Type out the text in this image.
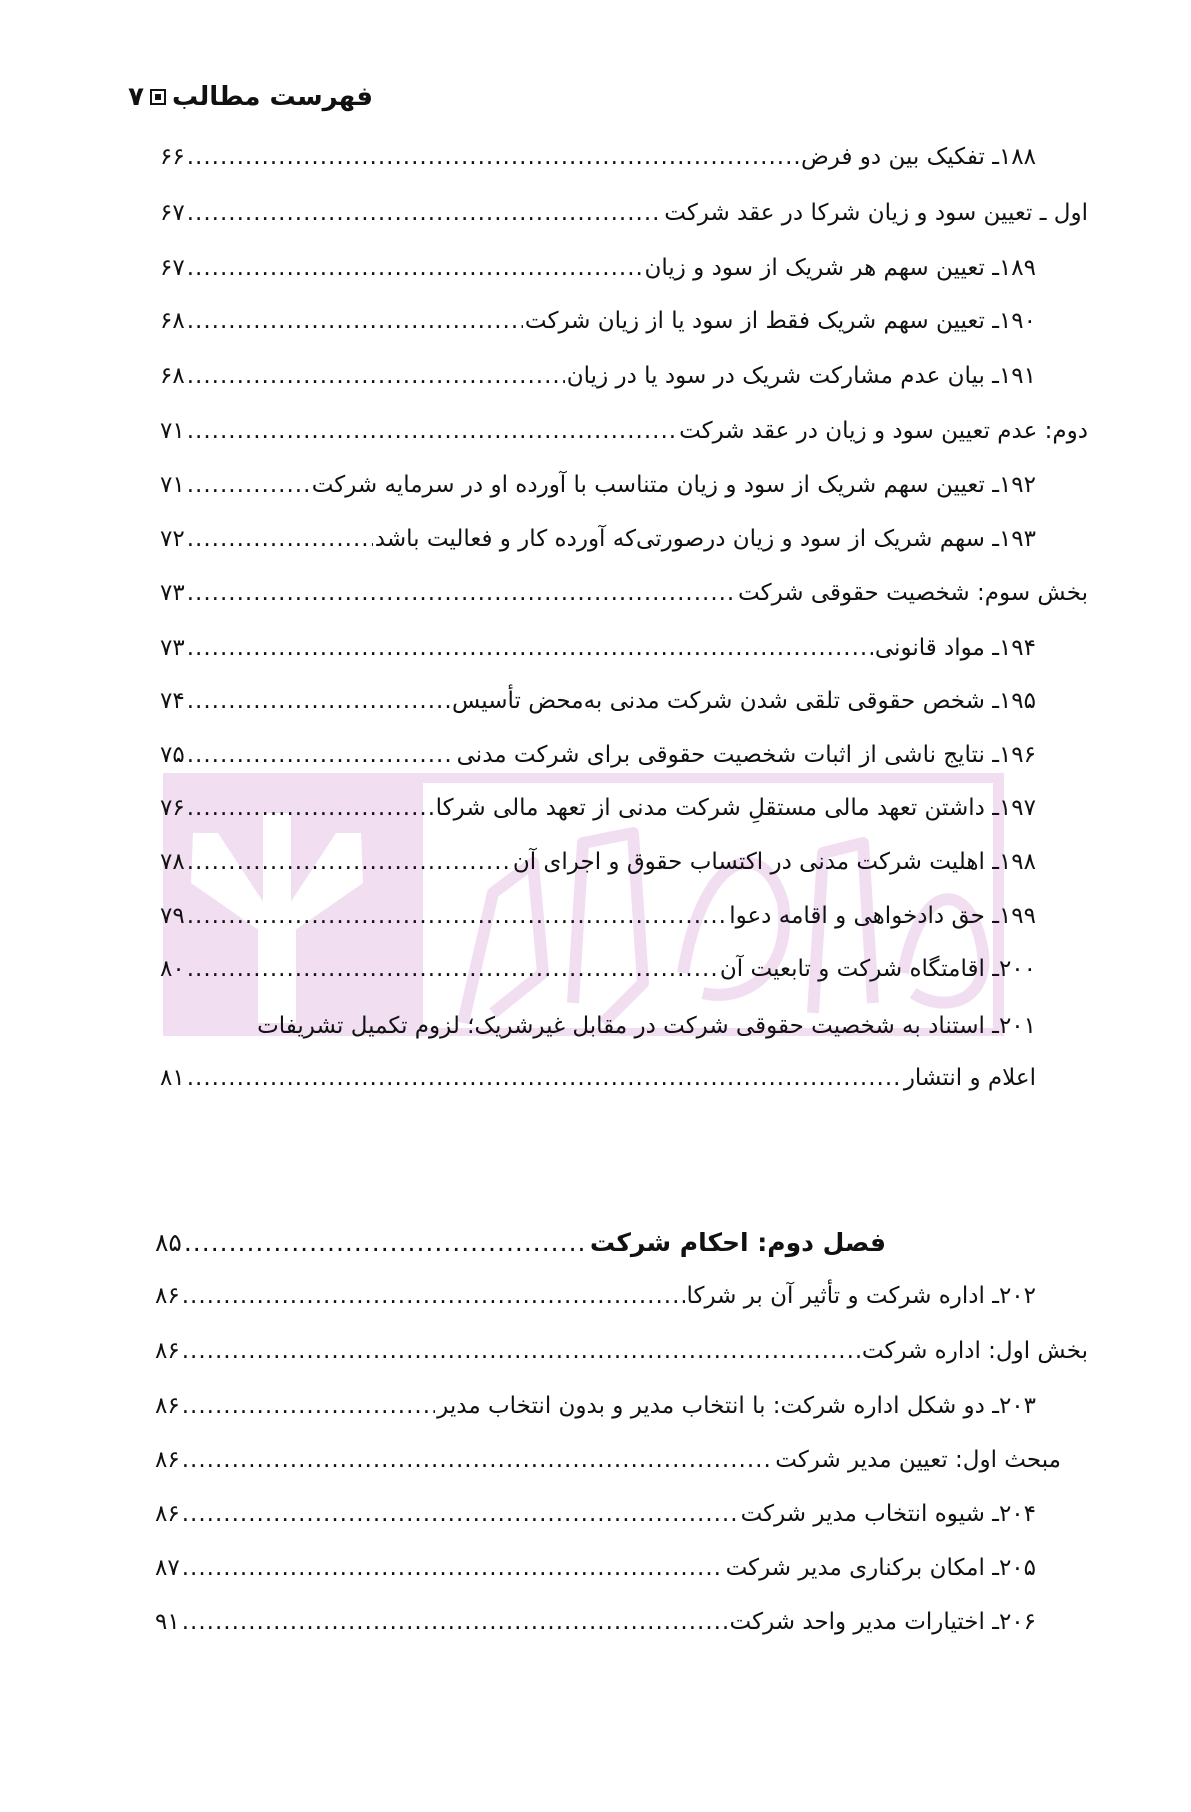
فهرست مطالب
۷
۱۸۸ـ تفکیک بین دو فرض
.....
۶۶
اول ـ تعیین سود و زیان شرکا در عقد شرکت
.....
۶۷
۱۸۹ـ تعیین سهم هر شریک از سود و زیان
.....
۶۷
۱۹۰ـ تعیین سهم شریک فقط از سود یا از زیان شرکت
.....
۶۸
۱۹۱ـ بیان عدم مشارکت شریک در سود یا در زیان
.....
۶۸
دوم: عدم تعیین سود و زیان در عقد شرکت
.....
۷۱
۱۹۲ـ تعیین سهم شریک از سود و زیان متناسب با آورده او در سرمایه شرکت
.....
۷۱
۱۹۳ـ سهم شریک از سود و زیان درصورتی‌که آورده کار و فعالیت باشد
.....
۷۲
بخش سوم: شخصیت حقوقی شرکت
.....
۷۳
۱۹۴ـ مواد قانونی
.....
۷۳
۱۹۵ـ شخص حقوقی تلقی شدن شرکت مدنی به‌محض تأسیس
.....
۷۴
۱۹۶ـ نتایج ناشی از اثبات شخصیت حقوقی برای شرکت مدنی
.....
۷۵
۱۹۷ـ داشتن تعهد مالی مستقلِ شرکت مدنی از تعهد مالی شرکا
.....
۷۶
۱۹۸ـ اهلیت شرکت مدنی در اکتساب حقوق و اجرای آن
.....
۷۸
۱۹۹ـ حق دادخواهی و اقامه دعوا
.....
۷۹
۲۰۰ـ اقامتگاه شرکت و تابعیت آن
.....
۸۰
۲۰۱ـ استناد به شخصیت حقوقی شرکت در مقابل غیرشریک؛ لزوم تکمیل تشریفات
اعلام و انتشار
.....
۸۱
فصل دوم: احکام شرکت
.....
۸۵
۲۰۲ـ اداره شرکت و تأثیر آن بر شرکا
.....
۸۶
بخش اول: اداره شرکت
.....
۸۶
۲۰۳ـ دو شکل اداره شرکت: با انتخاب مدیر و بدون انتخاب مدیر
.....
۸۶
مبحث اول: تعیین مدیر شرکت
.....
۸۶
۲۰۴ـ شیوه انتخاب مدیر شرکت
.....
۸۶
۲۰۵ـ امکان برکناری مدیر شرکت
.....
۸۷
۲۰۶ـ اختیارات مدیر واحد شرکت
.....
۹۱
